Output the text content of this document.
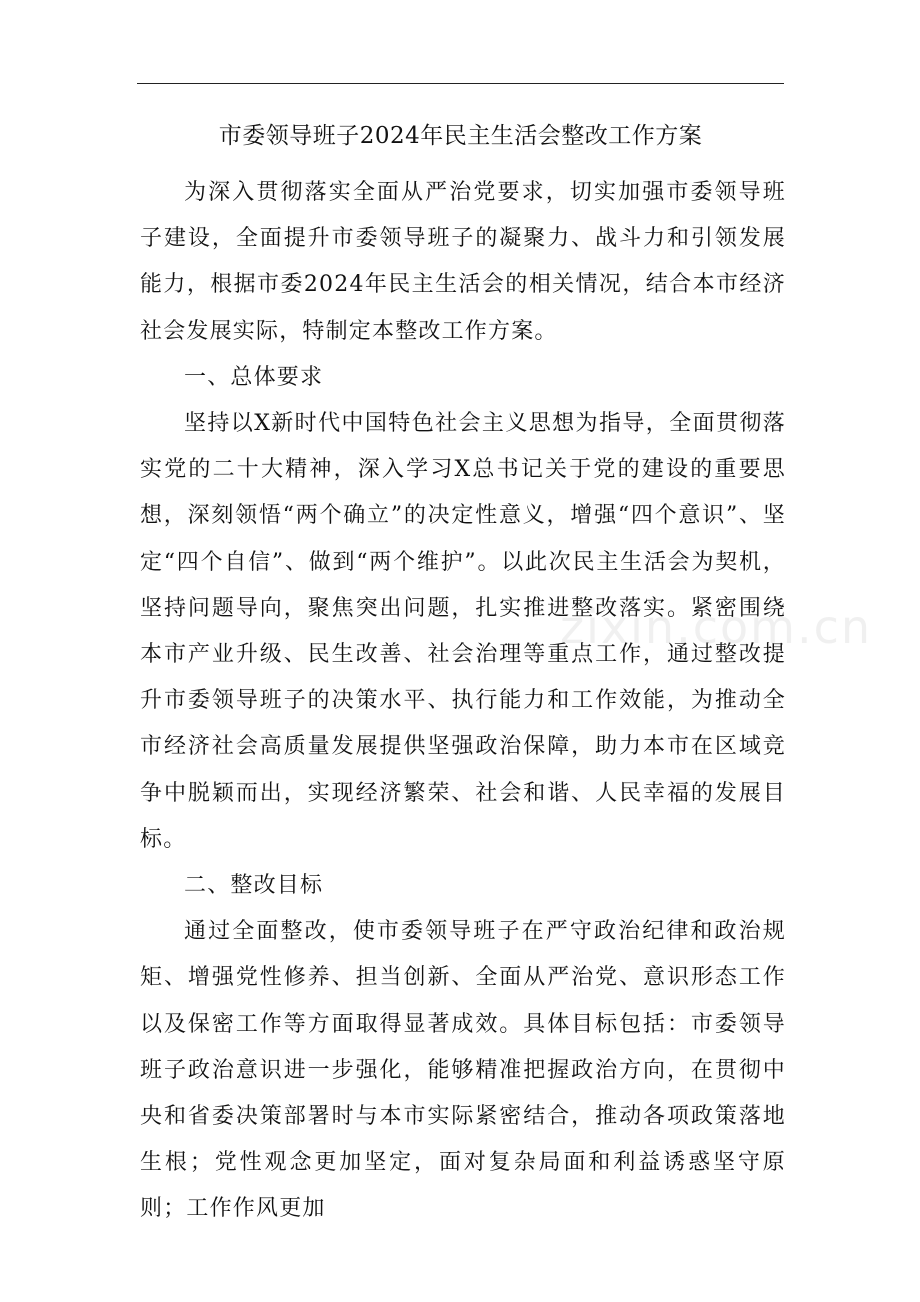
市委领导班子2024年民主生活会整改工作方案

为深入贯彻落实全面从严治党要求，切实加强市委领导班子建设，全面提升市委领导班子的凝聚力、战斗力和引领发展能力，根据市委2024年民主生活会的相关情况，结合本市经济社会发展实际，特制定本整改工作方案。

一、总体要求

坚持以X新时代中国特色社会主义思想为指导，全面贯彻落实党的二十大精神，深入学习X总书记关于党的建设的重要思想，深刻领悟“两个确立”的决定性意义，增强“四个意识”、坚定“四个自信”、做到“两个维护”。以此次民主生活会为契机，坚持问题导向，聚焦突出问题，扎实推进整改落实。紧密围绕本市产业升级、民生改善、社会治理等重点工作，通过整改提升市委领导班子的决策水平、执行能力和工作效能，为推动全市经济社会高质量发展提供坚强政治保障，助力本市在区域竞争中脱颖而出，实现经济繁荣、社会和谐、人民幸福的发展目标。

二、整改目标

通过全面整改，使市委领导班子在严守政治纪律和政治规矩、增强党性修养、担当创新、全面从严治党、意识形态工作以及保密工作等方面取得显著成效。具体目标包括：市委领导班子政治意识进一步强化，能够精准把握政治方向，在贯彻中央和省委决策部署时与本市实际紧密结合，推动各项政策落地生根；党性观念更加坚定，面对复杂局面和利益诱惑坚守原则；工作作风更加

zixin.com.cn
